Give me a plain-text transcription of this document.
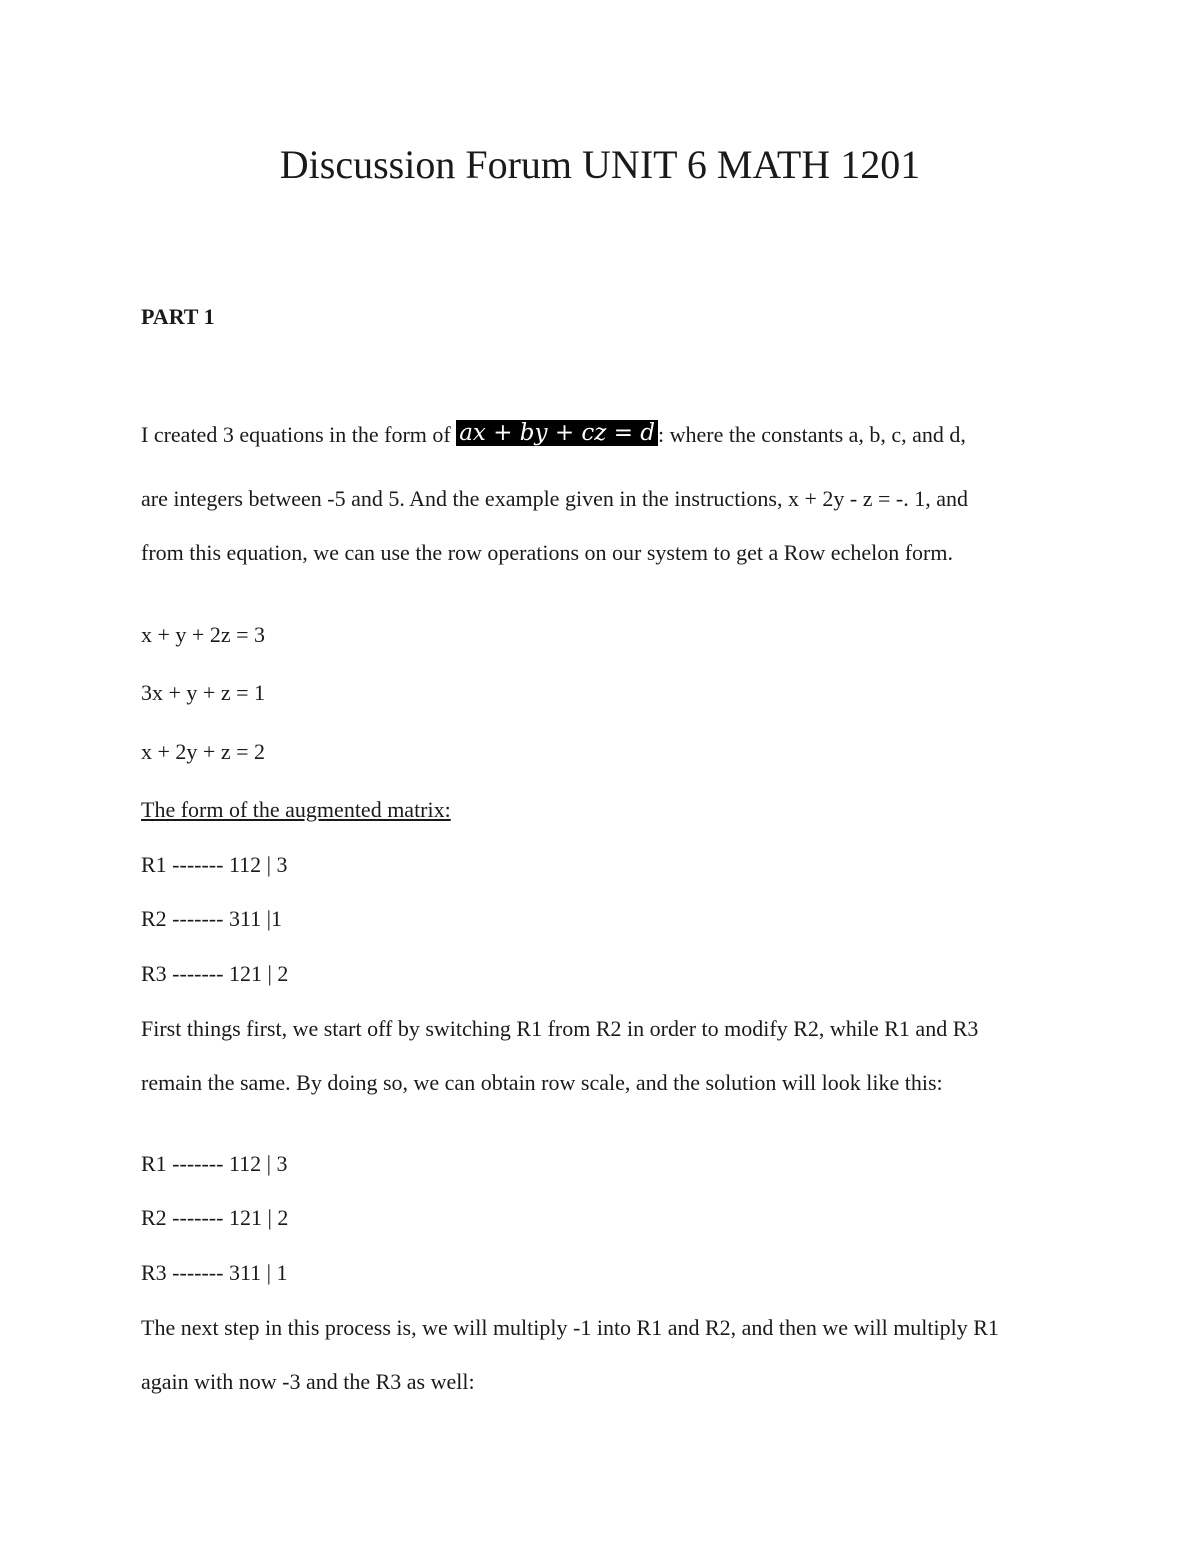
Discussion Forum UNIT 6 MATH 1201
PART 1
I created 3 equations in the form of ax + by + cz = d : where the constants a, b, c, and d,
are integers between -5 and 5. And the example given in the instructions, x + 2y - z = -. 1, and
from this equation, we can use the row operations on our system to get a Row echelon form.
x + y + 2z = 3
3x + y + z = 1
x + 2y + z = 2
The form of the augmented matrix:
R1 ------- 112 | 3
R2 ------- 311 |1
R3 ------- 121 | 2
First things first, we start off by switching R1 from R2 in order to modify R2, while R1 and R3
remain the same. By doing so, we can obtain row scale, and the solution will look like this:
R1 ------- 112 | 3
R2 ------- 121 | 2
R3 ------- 311 | 1
The next step in this process is, we will multiply -1 into R1 and R2, and then we will multiply R1
again with now -3 and the R3 as well:
